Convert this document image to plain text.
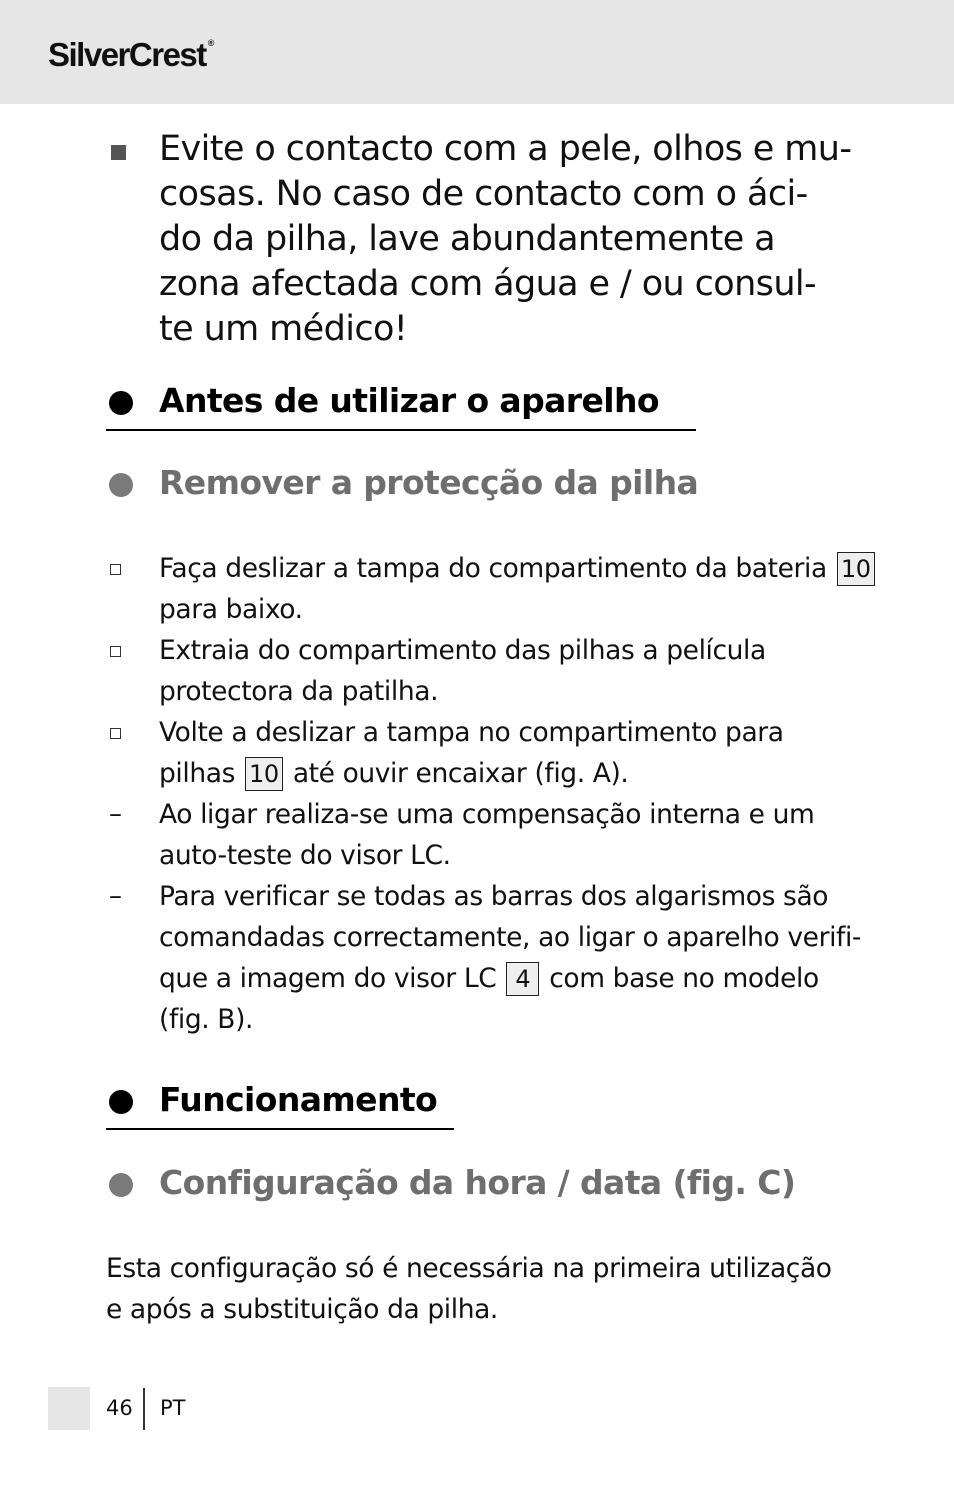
SilverCrest ®
Evite o contacto com a pele, olhos e mu-
cosas. No caso de contacto com o áci-
do da pilha, lave abundantemente a
zona afectada com água e / ou consul-
te um médico!
Antes de utilizar o aparelho
Remover a protecção da pilha
Faça deslizar a tampa do compartimento da bateria 10
para baixo.
Extraia do compartimento das pilhas a película
protectora da patilha.
Volte a deslizar a tampa no compartimento para
pilhas 10 até ouvir encaixar (fig. A).
– Ao ligar realiza-se uma compensação interna e um
auto-teste do visor LC.
– Para verificar se todas as barras dos algarismos são
comandadas correctamente, ao ligar o aparelho verifi-
que a imagem do visor LC 4 com base no modelo
(fig. B).
Funcionamento
Configuração da hora / data (fig. C)
Esta configuração só é necessária na primeira utilização
e após a substituição da pilha.
46 PT
